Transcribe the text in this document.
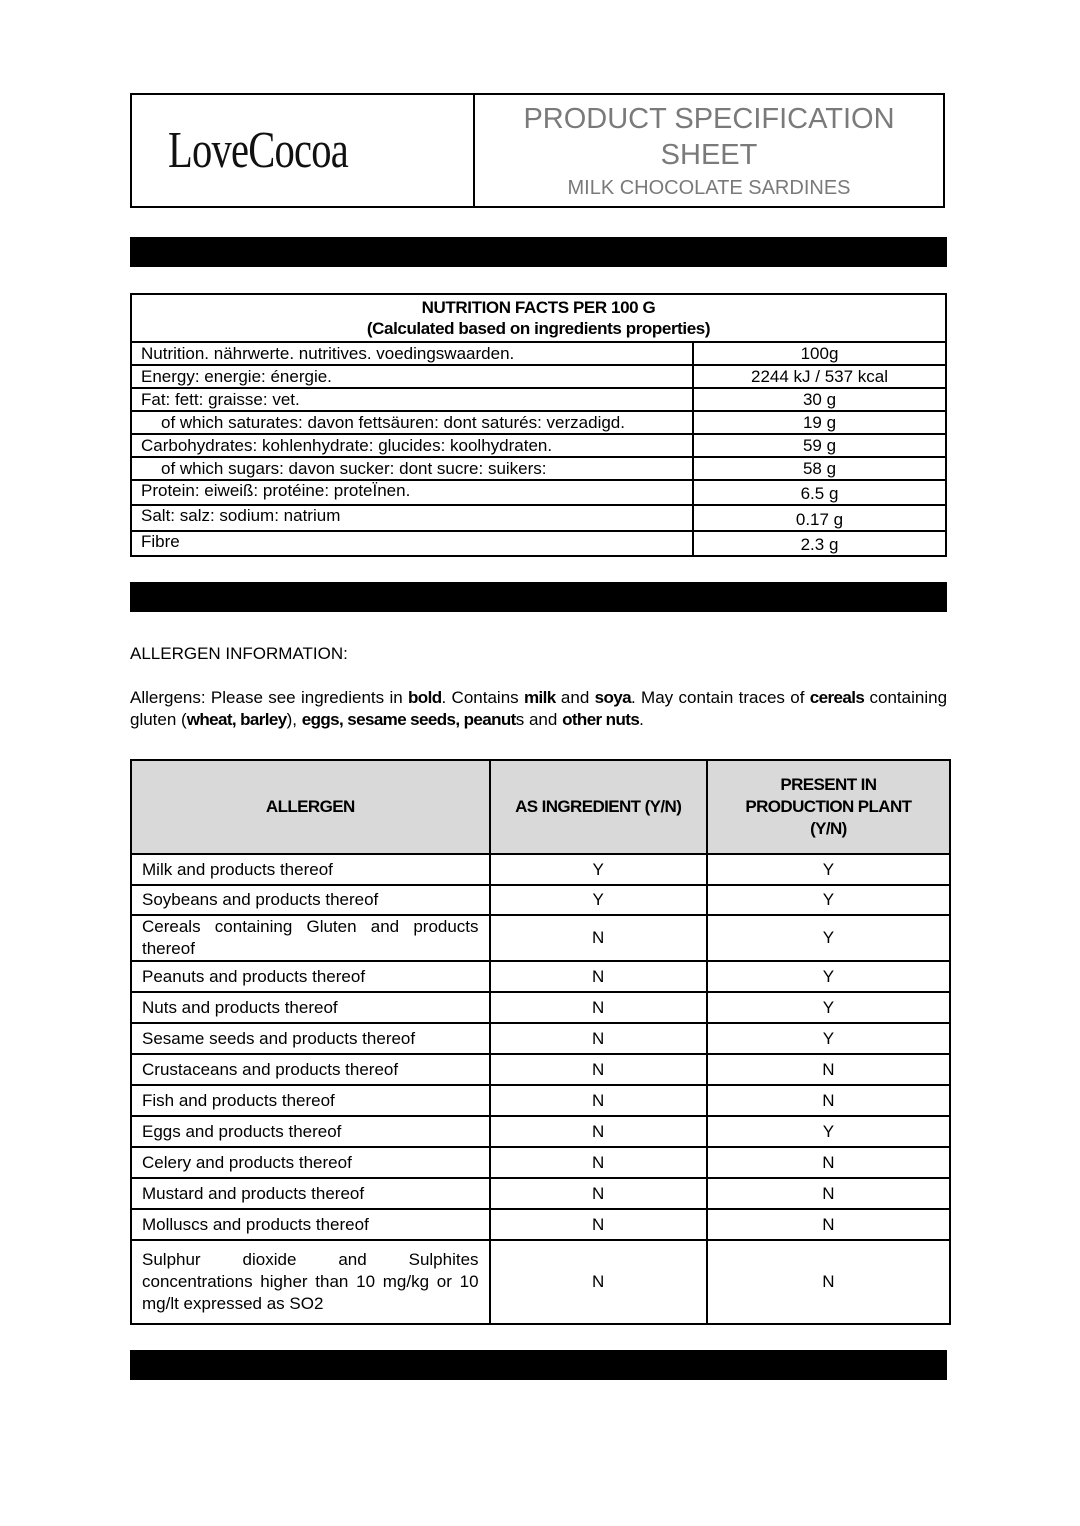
LoveCocoa
PRODUCT SPECIFICATION
SHEET
MILK CHOCOLATE SARDINES
NUTRITION FACTS PER 100 G
(Calculated based on ingredients properties)	

Nutrition. nährwerte. nutritives. voedingswaarden.	100g
Energy: energie: énergie.	2244 kJ / 537 kcal
Fat: fett: graisse: vet.	30 g
of which saturates: davon fettsäuren: dont saturés: verzadigd.	19 g
Carbohydrates: kohlenhydrate: glucides: koolhydraten.	59 g
of which sugars: davon sucker: dont sucre: suikers:	58 g
Protein: eiweiß: protéine: proteЇnen.	6.5 g
Salt: salz: sodium: natrium	0.17 g
Fibre	2.3 g
ALLERGEN INFORMATION:
Allergens: Please see ingredients in bold. Contains milk and soya. May contain traces of cereals containing gluten (wheat, barley), eggs, sesame seeds, peanuts and other nuts.
ALLERGEN	AS INGREDIENT (Y/N)	PRESENT IN
PRODUCTION PLANT
(Y/N)

Milk and products thereof	Y	Y
Soybeans and products thereof	Y	Y
Cereals containing Gluten and products thereof	N	Y
Peanuts and products thereof	N	Y
Nuts and products thereof	N	Y
Sesame seeds and products thereof	N	Y
Crustaceans and products thereof	N	N
Fish and products thereof	N	N
Eggs and products thereof	N	Y
Celery and products thereof	N	N
Mustard and products thereof	N	N
Molluscs and products thereof	N	N
Sulphur dioxide and Sulphites concentrations higher than 10 mg/kg or 10 mg/lt expressed as SO2	N	N
